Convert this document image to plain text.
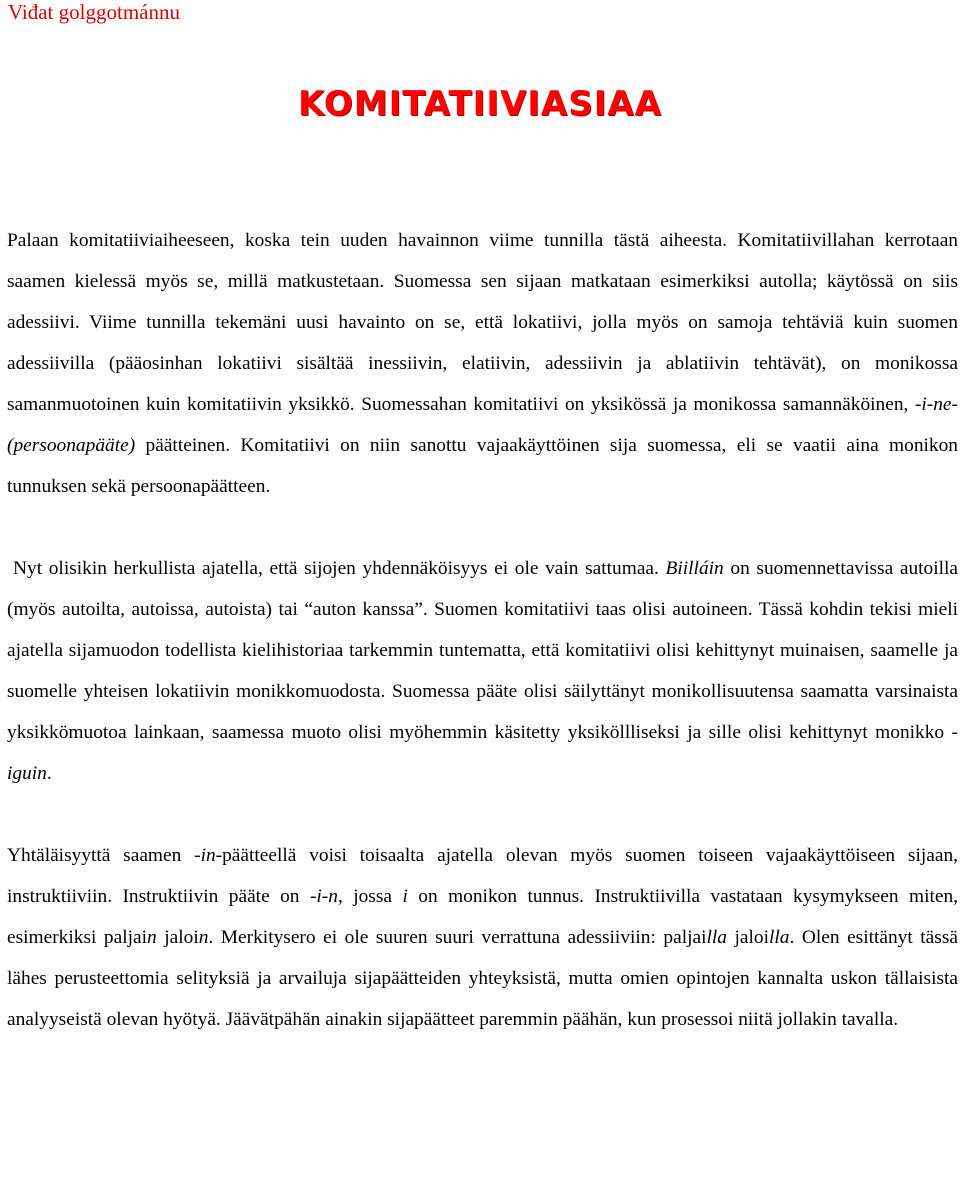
Viđat golggotmánnu
KOMITATIIVIASIAA

Palaan komitatiiviaiheeseen, koska tein uuden havainnon viime tunnilla tästä aiheesta. Komitatiivillahan kerrotaan saamen kielessä myös se, millä matkustetaan. Suomessa sen sijaan matkataan esimerkiksi autolla; käytössä on siis adessiivi. Viime tunnilla tekemäni uusi havainto on se, että lokatiivi, jolla myös on samoja tehtäviä kuin suomen adessiivilla (pääosinhan lokatiivi sisältää inessiivin, elatiivin, adessiivin ja ablatiivin tehtävät), on monikossa samanmuotoinen kuin komitatiivin yksikkö. Suomessahan komitatiivi on yksikössä ja monikossa samannäköinen, -i-ne-(persoonapääte) päätteinen. Komitatiivi on niin sanottu vajaakäyttöinen sija suomessa, eli se vaatii aina monikon tunnuksen sekä persoonapäätteen.

Nyt olisikin herkullista ajatella, että sijojen yhdennäköisyys ei ole vain sattumaa. Biilláin on suomennettavissa autoilla (myös autoilta, autoissa, autoista) tai “auton kanssa”. Suomen komitatiivi taas olisi autoineen. Tässä kohdin tekisi mieli ajatella sijamuodon todellista kielihistoriaa tarkemmin tuntematta, että komitatiivi olisi kehittynyt muinaisen, saamelle ja suomelle yhteisen lokatiivin monikkomuodosta. Suomessa pääte olisi säilyttänyt monikollisuutensa saamatta varsinaista yksikkömuotoa lainkaan, saamessa muoto olisi myöhemmin käsitetty yksiköllliseksi ja sille olisi kehittynyt monikko -iguin.

Yhtäläisyyttä saamen -in-päätteellä voisi toisaalta ajatella olevan myös suomen toiseen vajaakäyttöiseen sijaan, instruktiiviin. Instruktiivin pääte on -i-n, jossa i on monikon tunnus. Instruktiivilla vastataan kysymykseen miten, esimerkiksi paljain jaloin. Merkitysero ei ole suuren suuri verrattuna adessiiviin: paljailla jaloilla. Olen esittänyt tässä lähes perusteettomia selityksiä ja arvailuja sijapäätteiden yhteyksistä, mutta omien opintojen kannalta uskon tällaisista analyyseistä olevan hyötyä. Jäävätpähän ainakin sijapäätteet paremmin päähän, kun prosessoi niitä jollakin tavalla.
